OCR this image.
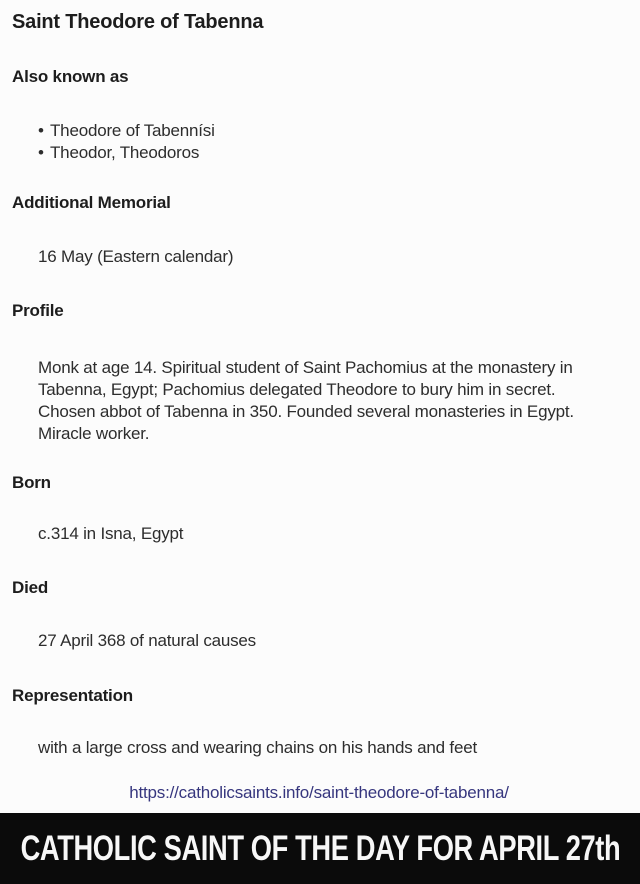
Saint Theodore of Tabenna
Also known as
• Theodore of Tabennísi
• Theodor, Theodoros
Additional Memorial
16 May (Eastern calendar)
Profile
Monk at age 14. Spiritual student of Saint Pachomius at the monastery in Tabenna, Egypt; Pachomius delegated Theodore to bury him in secret. Chosen abbot of Tabenna in 350. Founded several monasteries in Egypt. Miracle worker.
Born
c.314 in Isna, Egypt
Died
27 April 368 of natural causes
Representation
with a large cross and wearing chains on his hands and feet
https://catholicsaints.info/saint-theodore-of-tabenna/
CATHOLIC SAINT OF THE DAY FOR APRIL 27th
